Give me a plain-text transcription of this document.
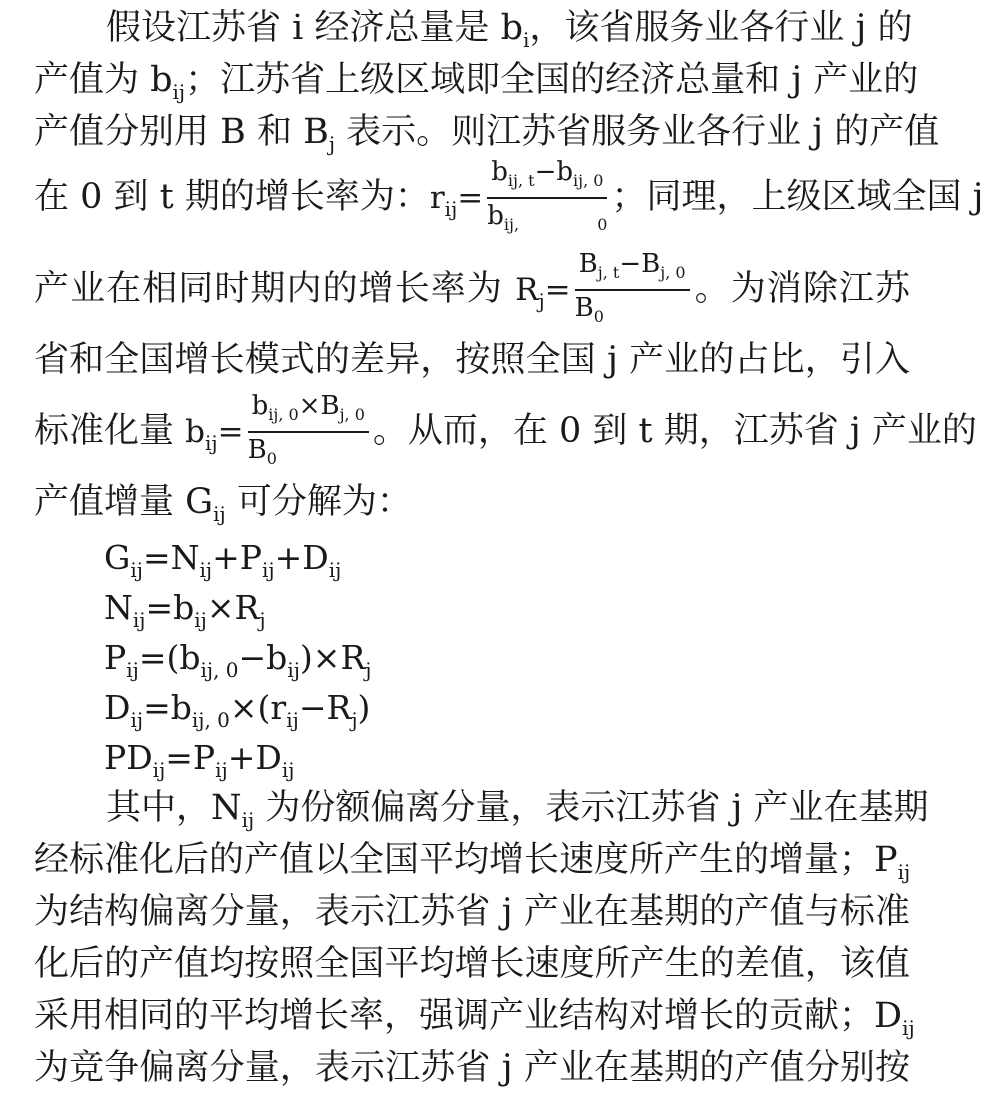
假设江苏省 i 经济总量是 $b_i$，该省服务业各行业 j 的
产值为 $b_{ij}$；江苏省上级区域即全国的经济总量和 j 产业的
产值分别用 B 和 $B_j$ 表示。则江苏省服务业各行业 j 的产值
在 0 到 t 期的增长率为：$r_{ij}= \frac{b_{ij, t}-b_{ij, 0}}{b_{ij, 0}}$ ；同理，上级区域全国 j
产业在相同时期内的增长率为 $R_j= \frac{B_{j, t}-B_{j, 0}}{B_0}$ 。为消除江苏
省和全国增长模式的差异，按照全国 j 产业的占比，引入
标准化量 $b_{ij}= \frac{b_{ij, 0}\times B_{j, 0}}{B_0}$ 。从而，在 0 到 t 期，江苏省 j 产业的
产值增量 $G_{ij}$ 可分解为：
$G_{ij}=N_{ij}+P_{ij}+D_{ij}$
$N_{ij}=b_{ij}\times R_j$
$P_{ij}=(b_{ij, 0}-b_{ij})\times R_j$
$D_{ij}=b_{ij, 0}\times(r_{ij}-R_j)$
$PD_{ij}=P_{ij}+D_{ij}$
其中，$N_{ij}$ 为份额偏离分量，表示江苏省 j 产业在基期
经标准化后的产值以全国平均增长速度所产生的增量；$P_{ij}$
为结构偏离分量，表示江苏省 j 产业在基期的产值与标准
化后的产值均按照全国平均增长速度所产生的差值，该值
采用相同的平均增长率，强调产业结构对增长的贡献；$D_{ij}$
为竞争偏离分量，表示江苏省 j 产业在基期的产值分别按
